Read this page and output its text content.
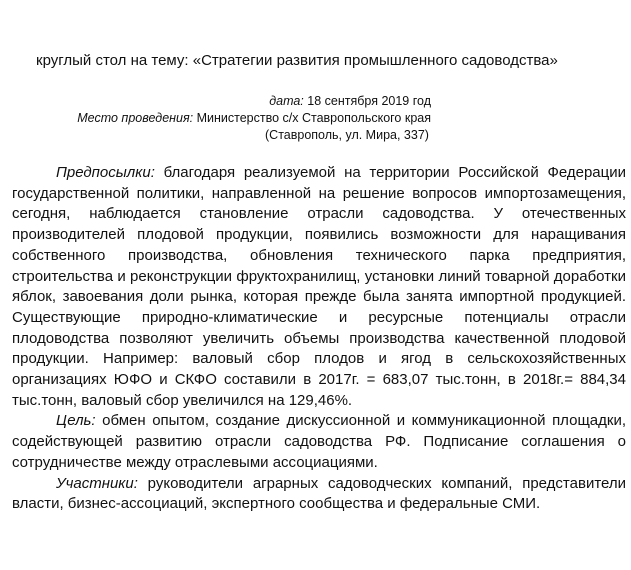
круглый стол на тему: «Стратегии развития промышленного садоводства»
дата: 18 сентября 2019 год
Место проведения: Министерство с/х Ставропольского края
(Ставрополь, ул. Мира, 337)

Предпосылки: благодаря реализуемой на территории Российской Федерации государственной политики, направленной на решение вопросов импортозамещения, сегодня, наблюдается становление отрасли садоводства. У отечественных производителей плодовой продукции, появились возможности для наращивания собственного производства, обновления технического парка предприятия, строительства и реконструкции фруктохранилищ, установки линий товарной доработки яблок, завоевания доли рынка, которая прежде была занята импортной продукцией. Существующие природно-климатические и ресурсные потенциалы отрасли плодоводства позволяют увеличить объемы производства качественной плодовой продукции. Например: валовый сбор плодов и ягод в сельскохозяйственных организациях ЮФО и СКФО составили в 2017г. = 683,07 тыс.тонн, в 2018г.= 884,34 тыс.тонн, валовый сбор увеличился на 129,46%.

Цель: обмен опытом, создание дискуссионной и коммуникационной площадки, содействующей развитию отрасли садоводства РФ. Подписание соглашения о сотрудничестве между отраслевыми ассоциациями.

Участники: руководители аграрных садоводческих компаний, представители власти, бизнес-ассоциаций, экспертного сообщества и федеральные СМИ.
